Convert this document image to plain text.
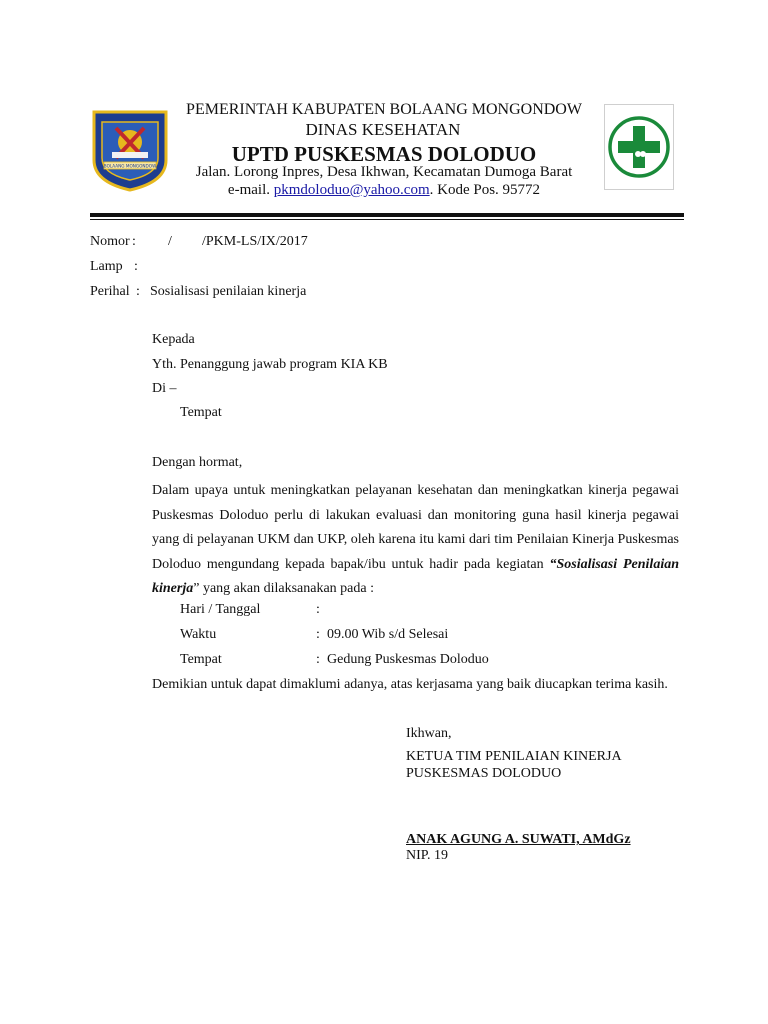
BOLAANG MONGONDOW
PEMERINTAH KABUPATEN BOLAANG MONGONDOW
DINAS KESEHATAN
UPTD PUSKESMAS DOLODUO
Jalan. Lorong Inpres, Desa Ikhwan, Kecamatan Dumoga Barat
e-mail. pkmdoloduo@yahoo.com. Kode Pos. 95772
Nomor : / /PKM-LS/IX/2017
Lamp :
Perihal : Sosialisasi penilaian kinerja
Kepada
Yth. Penanggung jawab program KIA KB
Di –
Tempat
Dengan hormat,
Dalam upaya untuk meningkatkan pelayanan kesehatan dan meningkatkan kinerja pegawai Puskesmas Doloduo perlu di lakukan evaluasi dan monitoring guna hasil kinerja pegawai yang di pelayanan UKM dan UKP, oleh karena itu kami dari tim Penilaian Kinerja Puskesmas Doloduo mengundang kepada bapak/ibu untuk hadir pada kegiatan “Sosialisasi Penilaian kinerja” yang akan dilaksanakan pada :
Hari / Tanggal	:
Waktu	: 09.00 Wib s/d Selesai
Tempat	: Gedung Puskesmas Doloduo
Demikian untuk dapat dimaklumi adanya, atas kerjasama yang baik diucapkan terima kasih.
Ikhwan,
KETUA TIM PENILAIAN KINERJA
PUSKESMAS DOLODUO
ANAK AGUNG A. SUWATI, AMdGz
NIP. 19
